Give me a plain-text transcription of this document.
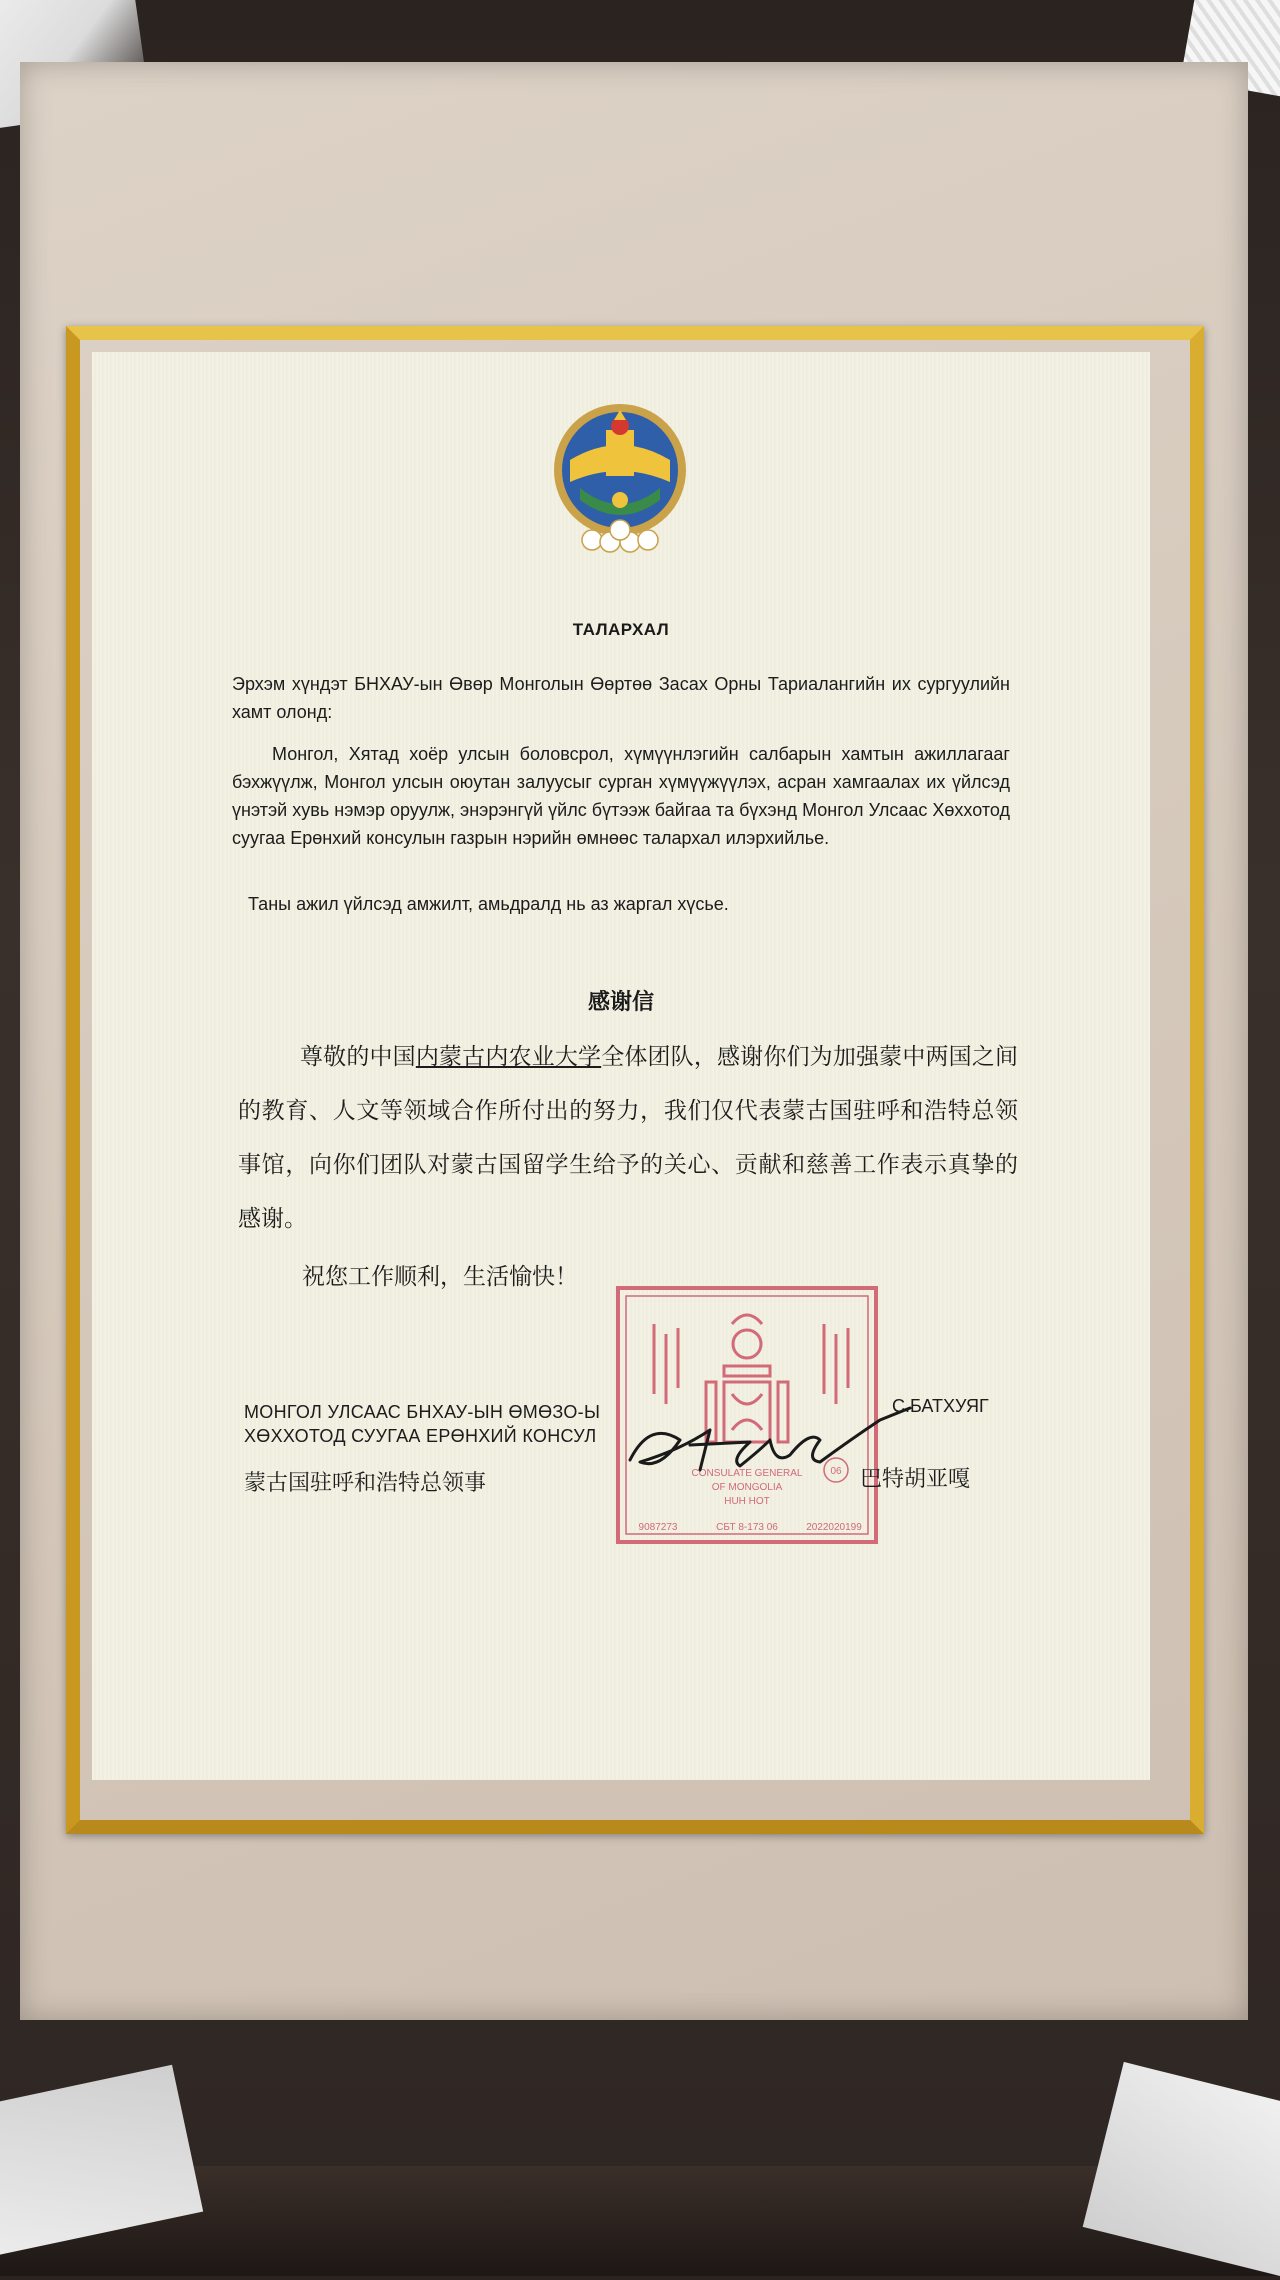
ТАЛАРХАЛ
Эрхэм хүндэт БНХАУ-ын Өвөр Монголын Өөртөө Засах Орны Тариалангийн их сургуулийн хамт олонд:
Монгол, Хятад хоёр улсын боловсрол, хүмүүнлэгийн салбарын хамтын ажиллагааг бэхжүүлж, Монгол улсын оюутан залуусыг сурган хүмүүжүүлэх, асран хамгаалах их үйлсэд үнэтэй хувь нэмэр оруулж, энэрэнгүй үйлс бүтээж байгаа та бүхэнд Монгол Улсаас Хөххотод суугаа Ерөнхий консулын газрын нэрийн өмнөөс талархал илэрхийлье.
Таны ажил үйлсэд амжилт, амьдралд нь аз жаргал хүсье.
感谢信
尊敬的中国内蒙古内农业大学全体团队，感谢你们为加强蒙中两国之间的教育、人文等领域合作所付出的努力，我们仅代表蒙古国驻呼和浩特总领事馆，向你们团队对蒙古国留学生给予的关心、贡献和慈善工作表示真挚的感谢。
祝您工作顺利，生活愉快！
CONSULATE GENERAL
OF MONGOLIA
HUH HOT
9087273	СБТ 8-173 06	2022020199
06
МОНГОЛ УЛСААС БНХАУ-ЫН ӨМӨЗО-Ы
ХӨХХОТОД СУУГАА ЕРӨНХИЙ КОНСУЛ
蒙古国驻呼和浩特总领事
С.БАТХУЯГ
巴特胡亚嘎
